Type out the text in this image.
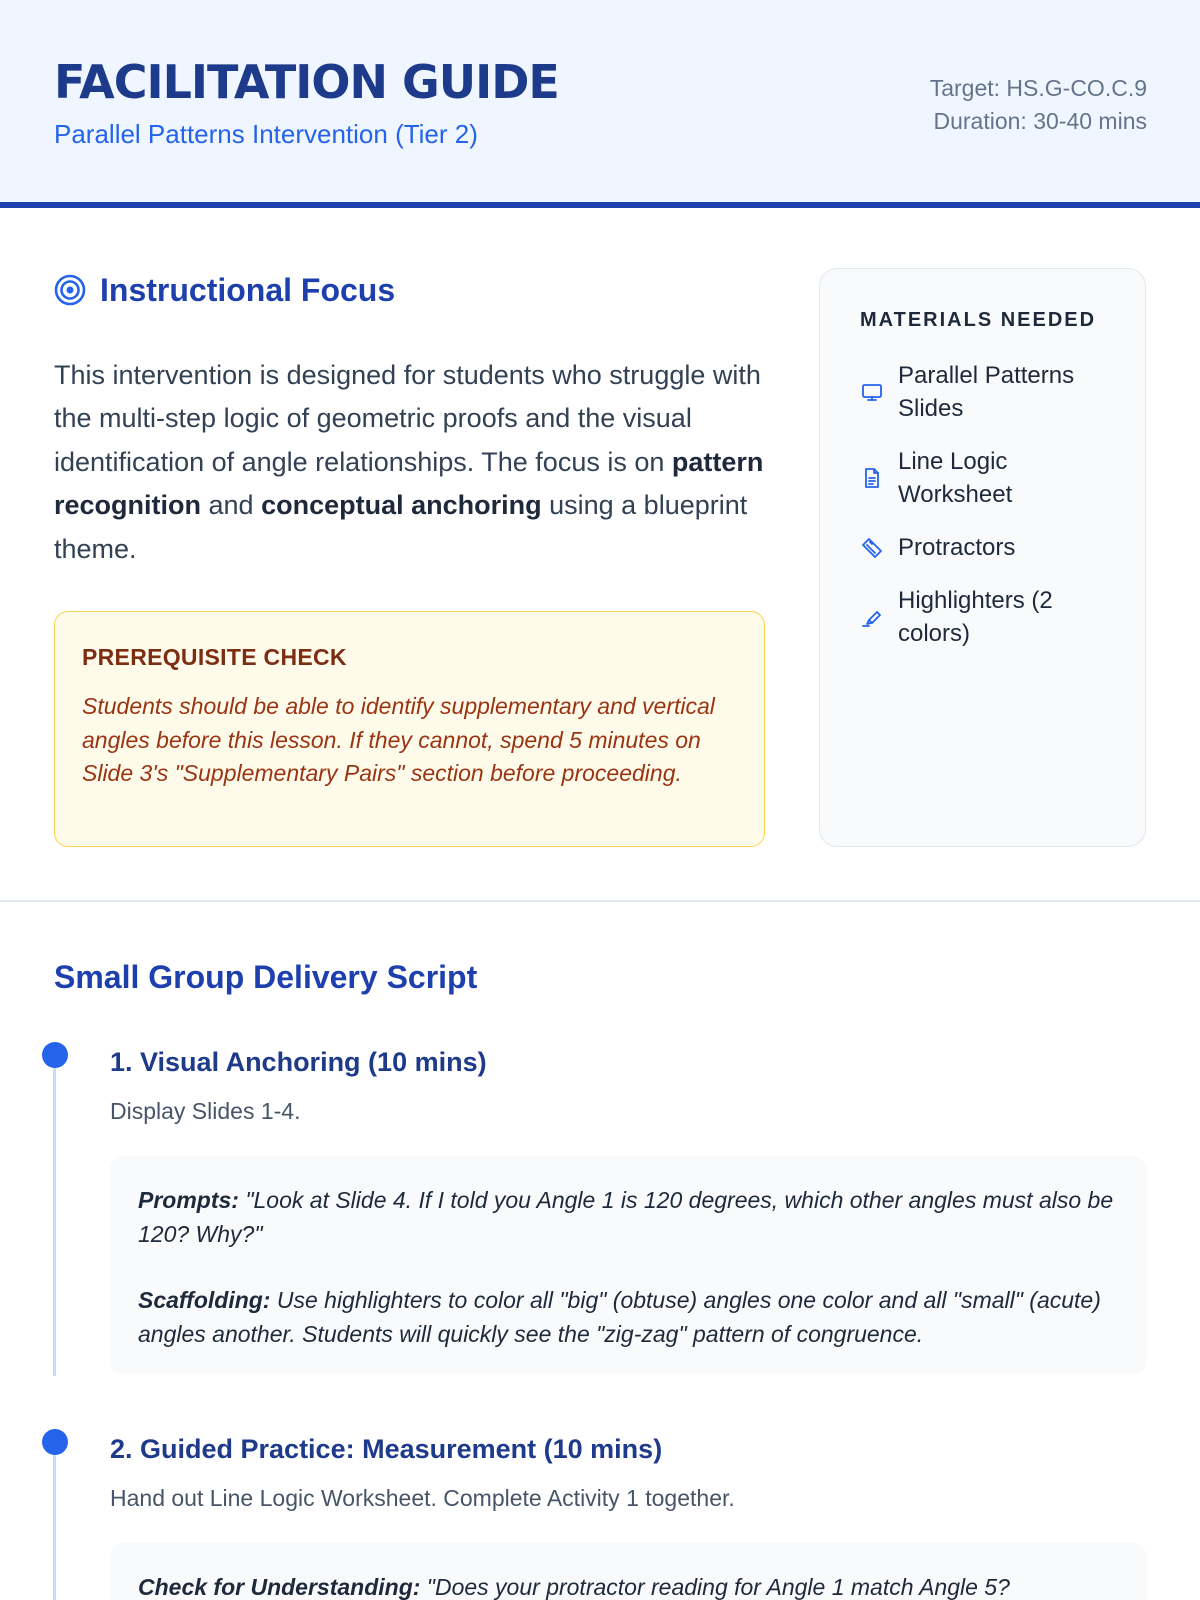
FACILITATION GUIDE
Parallel Patterns Intervention (Tier 2)
Target: HS.G-CO.C.9
Duration: 30-40 mins
Instructional Focus

This intervention is designed for students who struggle with the multi-step logic of geometric proofs and the visual identification of angle relationships. The focus is on pattern recognition and conceptual anchoring using a blueprint theme.

PREREQUISITE CHECK
Students should be able to identify supplementary and vertical angles before this lesson. If they cannot, spend 5 minutes on Slide 3's "Supplementary Pairs" section before proceeding.
MATERIALS NEEDED
Parallel Patterns Slides
Line Logic Worksheet
Protractors
Highlighters (2 colors)
Small Group Delivery Script
1. Visual Anchoring (10 mins)
Display Slides 1-4.

Prompts: "Look at Slide 4. If I told you Angle 1 is 120 degrees, which other angles must also be 120? Why?"

Scaffolding: Use highlighters to color all "big" (obtuse) angles one color and all "small" (acute) angles another. Students will quickly see the "zig-zag" pattern of congruence.

2. Guided Practice: Measurement (10 mins)
Hand out Line Logic Worksheet. Complete Activity 1 together.

Check for Understanding: "Does your protractor reading for Angle 1 match Angle 5?
